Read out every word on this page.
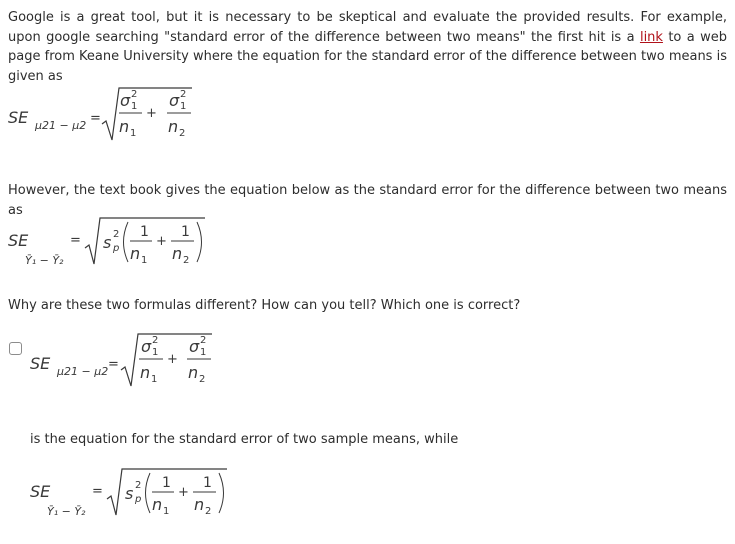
Google is a great tool, but it is necessary to be skeptical and evaluate the provided results. For example, upon google searching "standard error of the difference between two means" the first hit is a link to a web page from Keane University where the equation for the standard error of the difference between two means is given as

SE μ21 − μ2 =
σ 2
1
n 1
+
σ 2
1
n 2

However, the text book gives the equation below as the standard error for the difference between two means as

SE
Ȳ₁ − Ȳ₂
= s 2
p
1
n 1
+
1
n 2

Why are these two formulas different? How can you tell? Which one is correct?

SE μ21 − μ2 =
σ 2
1
n 1
+
σ 2
1
n 2

is the equation for the standard error of two sample means, while

SE
Ȳ₁ − Ȳ₂
= s 2
p
1
n 1
+
1
n 2
